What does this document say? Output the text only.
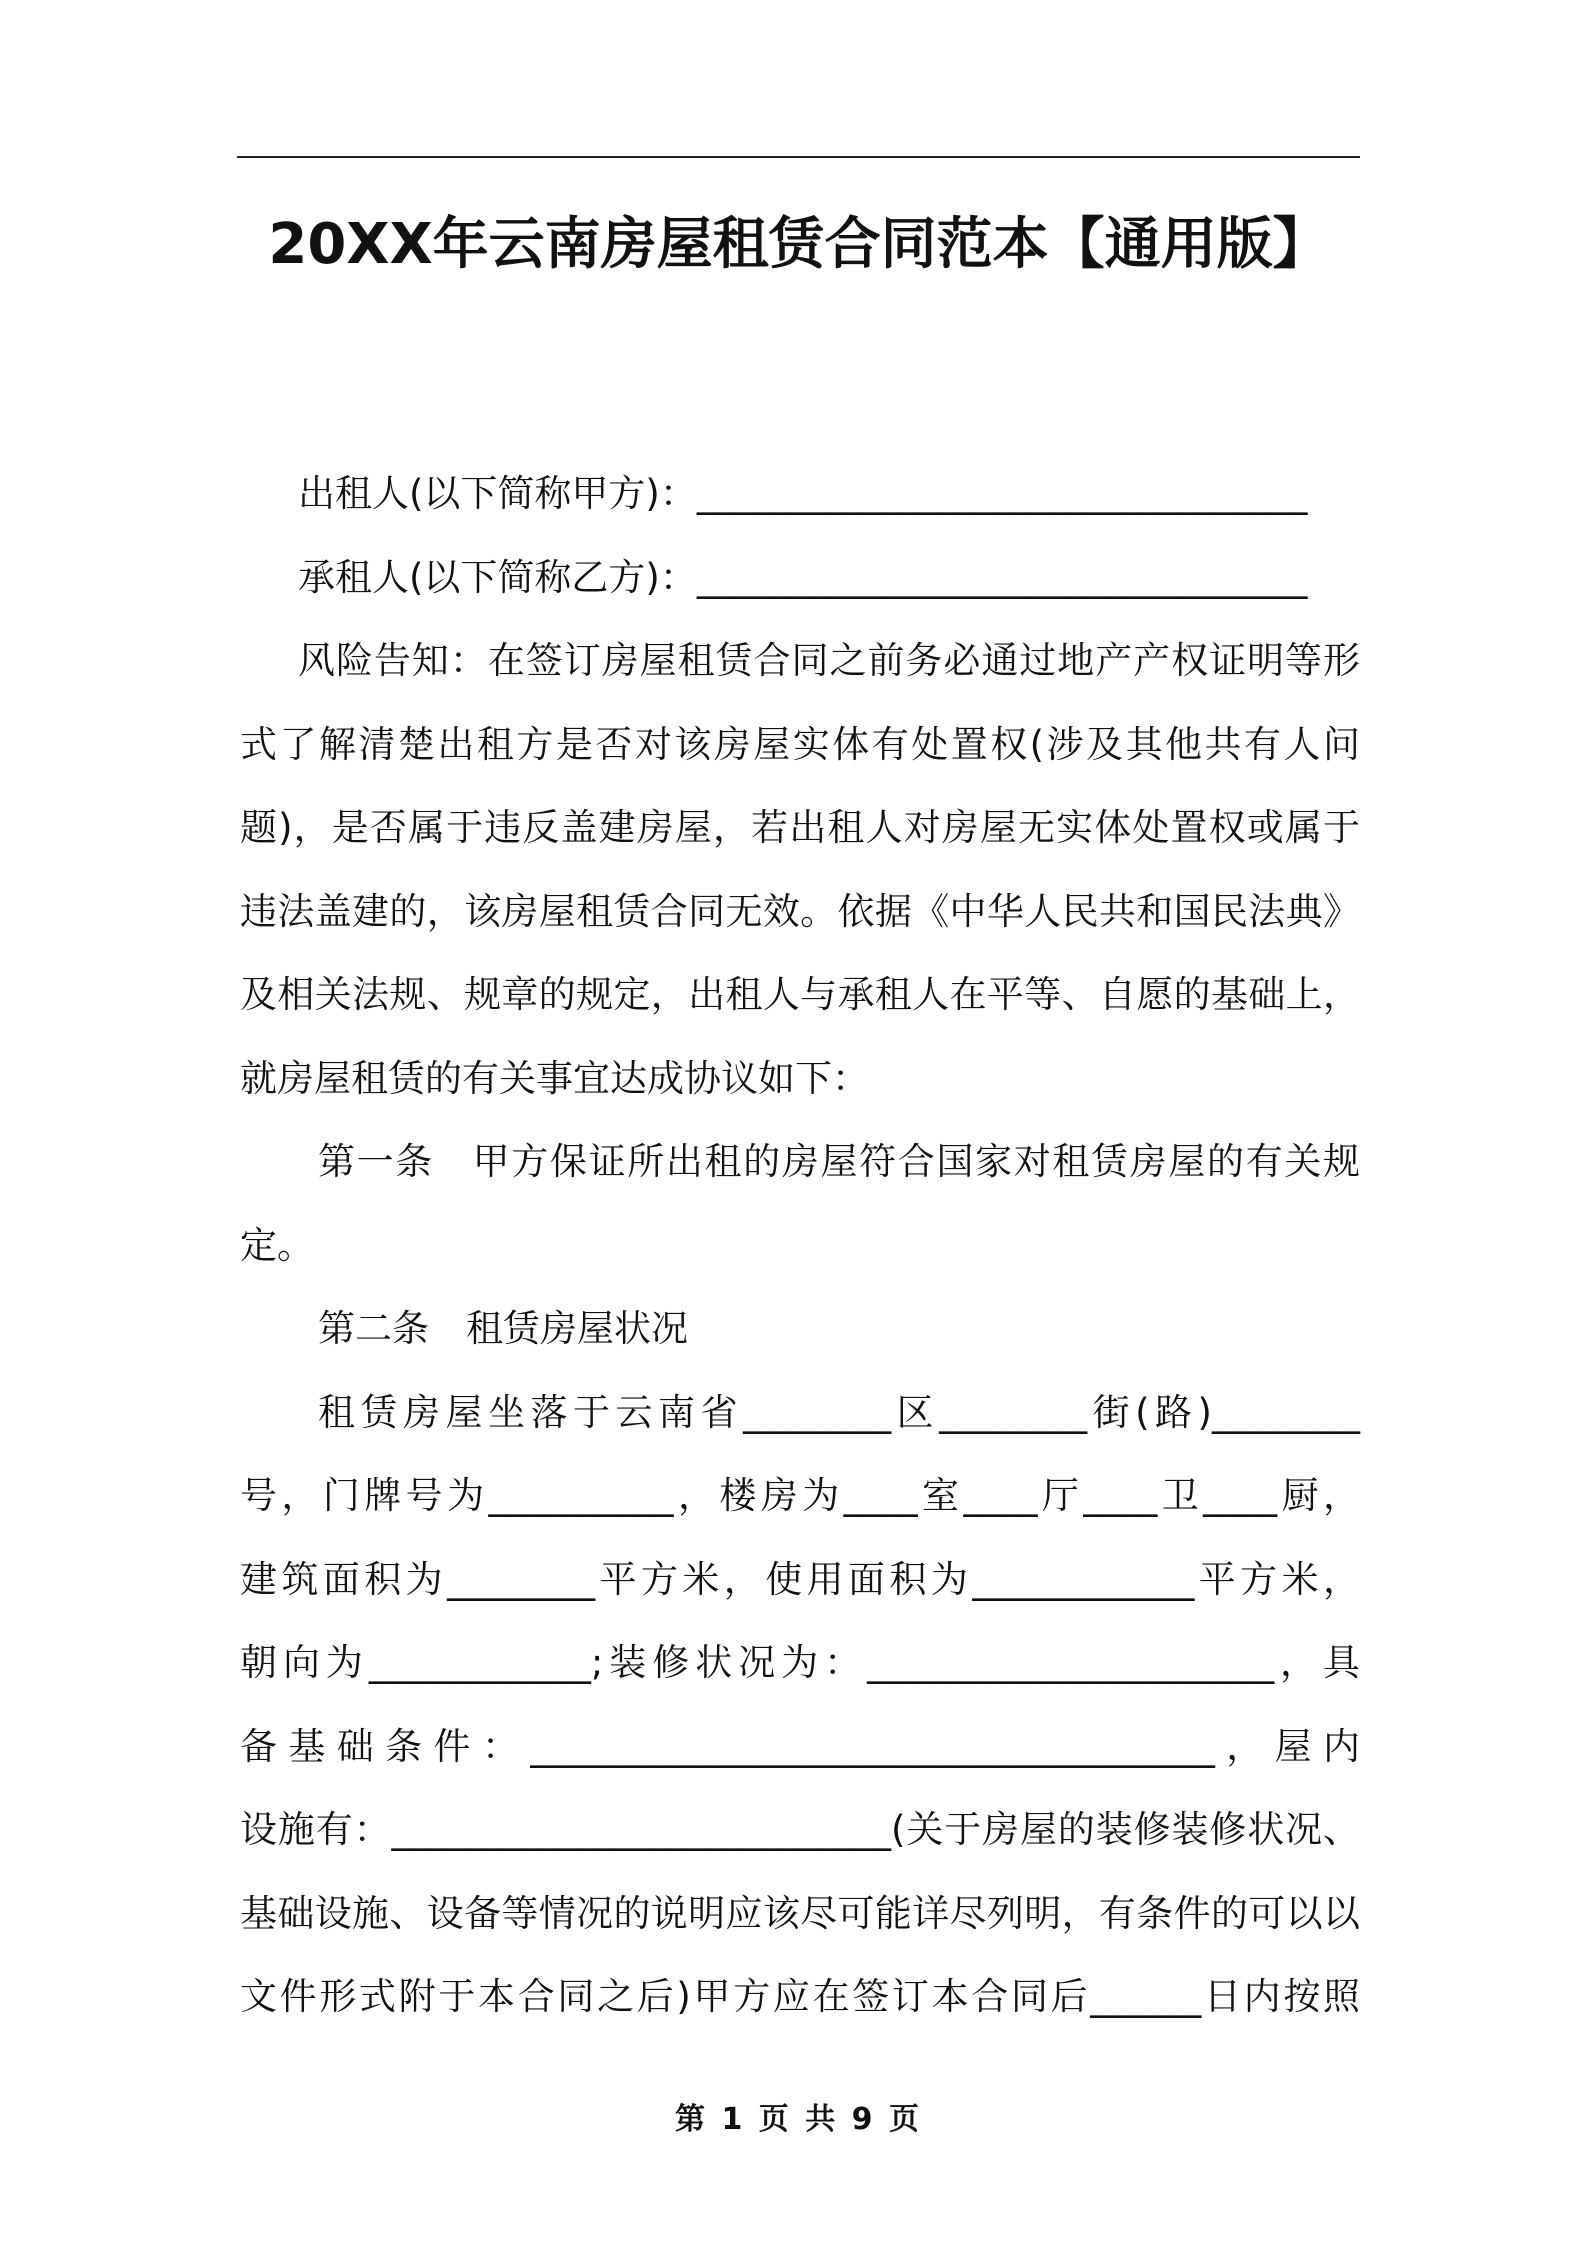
20XX年云南房屋租赁合同范本【通用版】
出租人(以下简称甲方)：_________________________________
承租人(以下简称乙方)：_________________________________
风险告知：在签订房屋租赁合同之前务必通过地产产权证明等形
式了解清楚出租方是否对该房屋实体有处置权(涉及其他共有人问
题)，是否属于违反盖建房屋，若出租人对房屋无实体处置权或属于
违法盖建的，该房屋租赁合同无效。依据《中华人民共和国民法典》
及相关法规、规章的规定，出租人与承租人在平等、自愿的基础上，
就房屋租赁的有关事宜达成协议如下：
第一条　甲方保证所出租的房屋符合国家对租赁房屋的有关规
定。
第二条　租赁房屋状况
租赁房屋坐落于云南省________区________街(路)________
号，门牌号为__________，楼房为____室____厅____卫____厨，
建筑面积为________平方米，使用面积为____________平方米，
朝向为____________;装修状况为：______________________，具
备基础条件：_____________________________________，屋内
设施有：___________________________(关于房屋的装修装修状况、
基础设施、设备等情况的说明应该尽可能详尽列明，有条件的可以以
文件形式附于本合同之后)甲方应在签订本合同后______日内按照
第 1 页 共 9 页
